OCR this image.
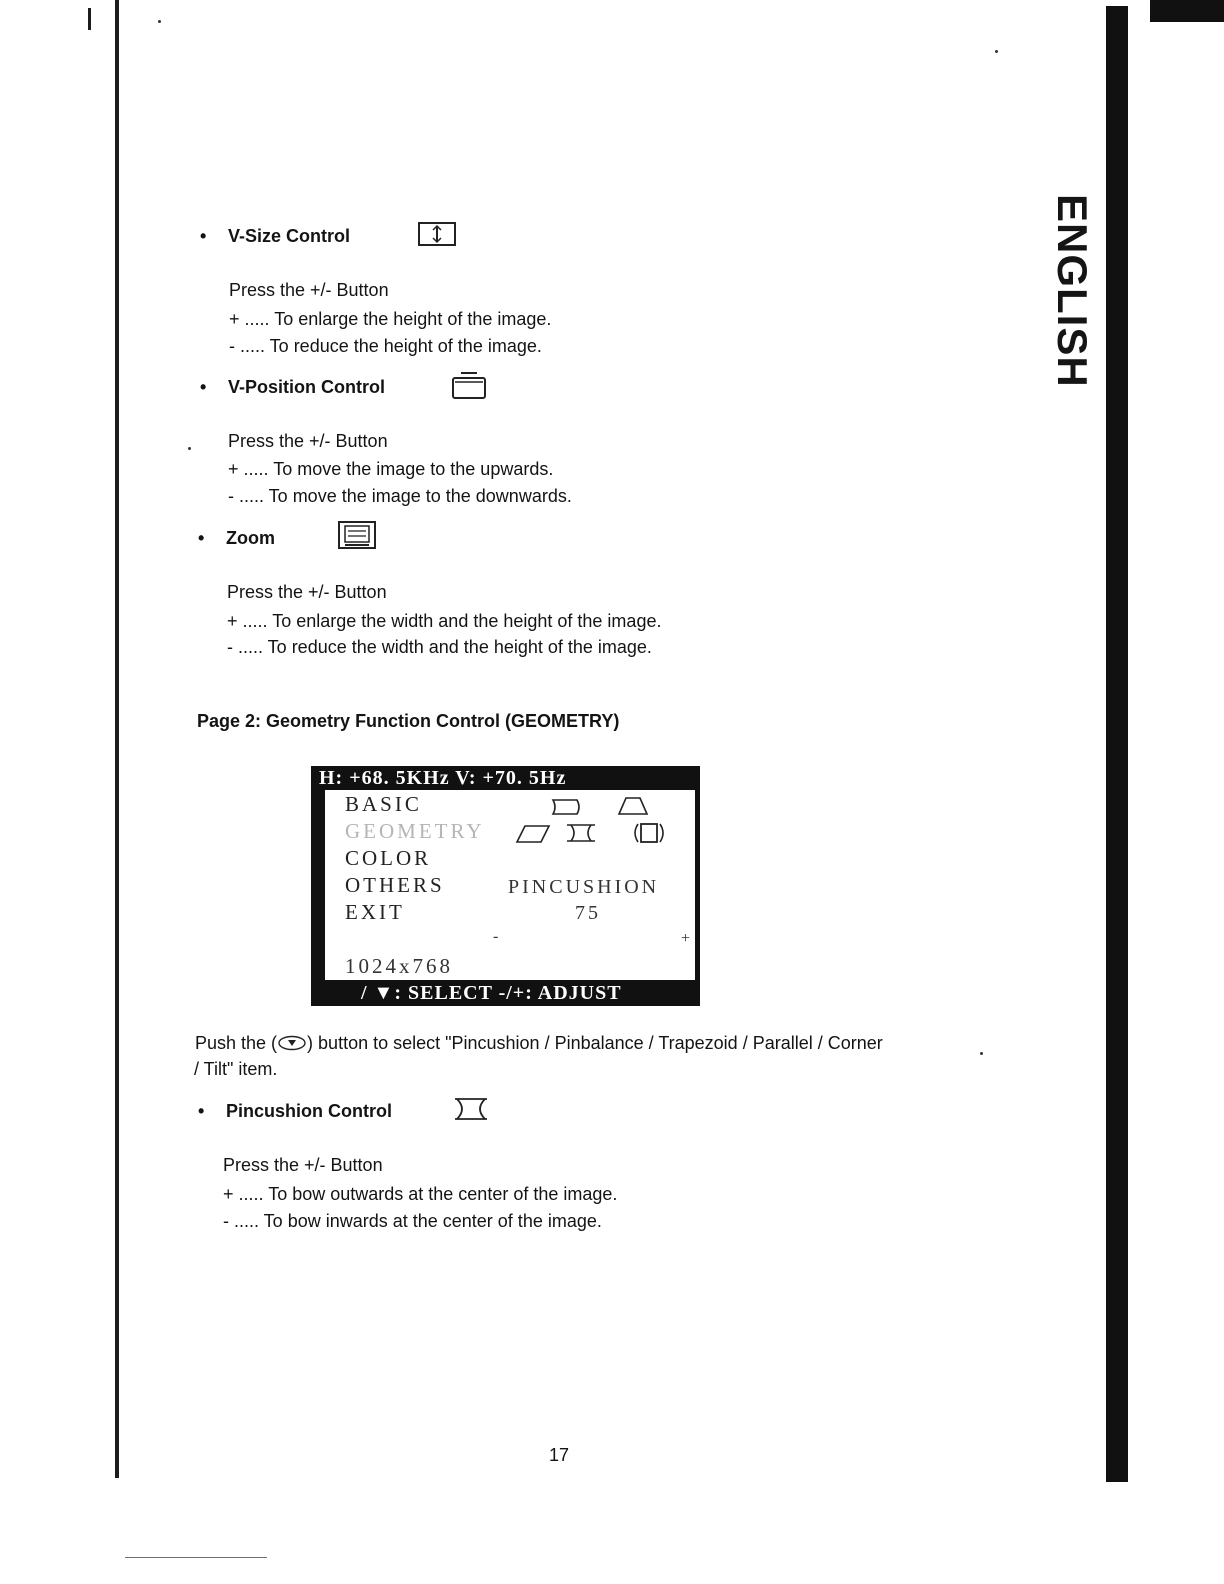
ENGLISH
• V-Size Control
Press the +/- Button
+ ..... To enlarge the height of the image.
- ..... To reduce the height of the image.
• V-Position Control
Press the +/- Button
+ ..... To move the image to the upwards.
- ..... To move the image to the downwards.
• Zoom
Press the +/- Button
+ ..... To enlarge the width and the height of the image.
- ..... To reduce the width and the height of the image.
Page 2: Geometry Function Control (GEOMETRY)
H: +68. 5KHz V: +70. 5Hz
BASIC
GEOMETRY
COLOR
OTHERS
EXIT
PINCUSHION
75
-	+
1024x768
/ ▼: SELECT -/+: ADJUST
Push the ( ) button to select "Pincushion / Pinbalance / Trapezoid / Parallel / Corner
/ Tilt" item.
• Pincushion Control
Press the +/- Button
+ ..... To bow outwards at the center of the image.
- ..... To bow inwards at the center of the image.
17
